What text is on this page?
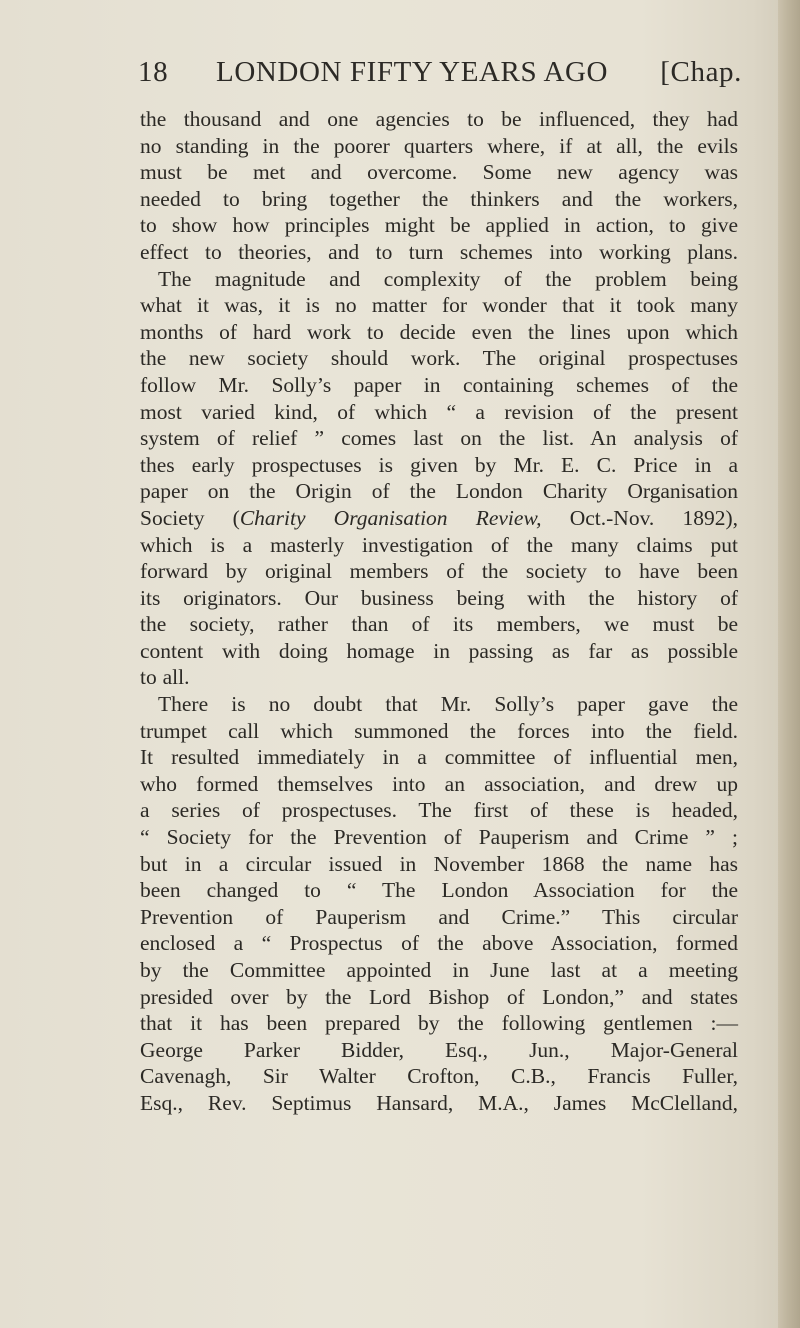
18 LONDON FIFTY YEARS AGO [Chap.
the thousand and one agencies to be influenced, they had
no standing in the poorer quarters where, if at all, the evils
must be met and overcome. Some new agency was
needed to bring together the thinkers and the workers,
to show how principles might be applied in action, to give
effect to theories, and to turn schemes into working plans.
The magnitude and complexity of the problem being
what it was, it is no matter for wonder that it took many
months of hard work to decide even the lines upon which
the new society should work. The original prospectuses
follow Mr. Solly’s paper in containing schemes of the
most varied kind, of which “ a revision of the present
system of relief ” comes last on the list. An analysis of
thes early prospectuses is given by Mr. E. C. Price in a
paper on the Origin of the London Charity Organisation
Society (Charity Organisation Review, Oct.-Nov. 1892),
which is a masterly investigation of the many claims put
forward by original members of the society to have been
its originators. Our business being with the history of
the society, rather than of its members, we must be
content with doing homage in passing as far as possible
to all.
There is no doubt that Mr. Solly’s paper gave the
trumpet call which summoned the forces into the field.
It resulted immediately in a committee of influential men,
who formed themselves into an association, and drew up
a series of prospectuses. The first of these is headed,
“ Society for the Prevention of Pauperism and Crime ” ;
but in a circular issued in November 1868 the name has
been changed to “ The London Association for the
Prevention of Pauperism and Crime.” This circular
enclosed a “ Prospectus of the above Association, formed
by the Committee appointed in June last at a meeting
presided over by the Lord Bishop of London,” and states
that it has been prepared by the following gentlemen :—
George Parker Bidder, Esq., Jun., Major-General
Cavenagh, Sir Walter Crofton, C.B., Francis Fuller,
Esq., Rev. Septimus Hansard, M.A., James McClelland,
